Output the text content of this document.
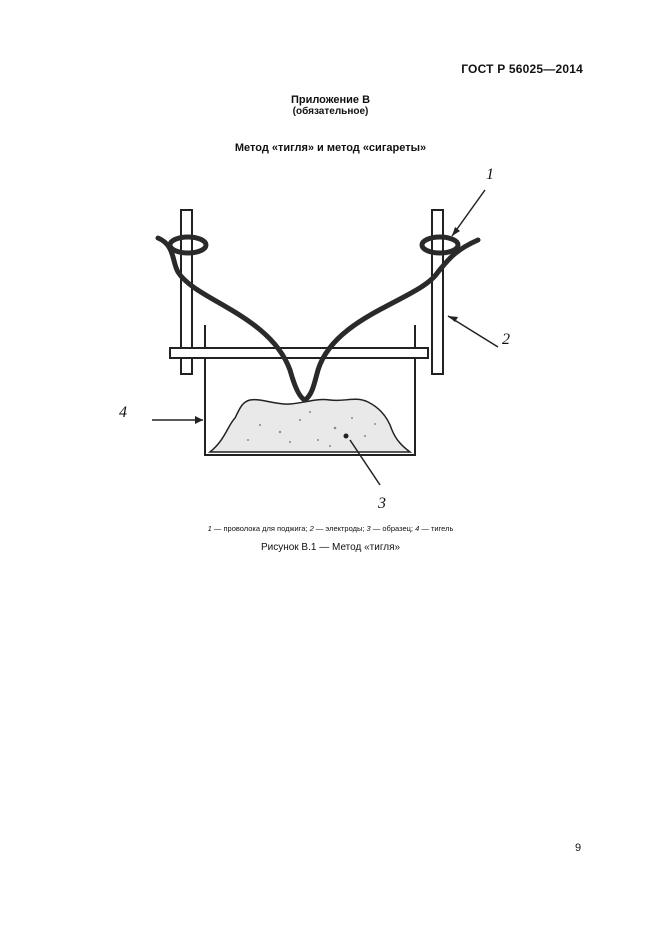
ГОСТ Р 56025—2014
Приложение В
(обязательное)
Метод «тигля» и метод «сигареты»
1
2
3
4
1 — проволока для поджига; 2 — электроды; 3 — образец; 4 — тигель
Рисунок В.1 — Метод «тигля»
9
